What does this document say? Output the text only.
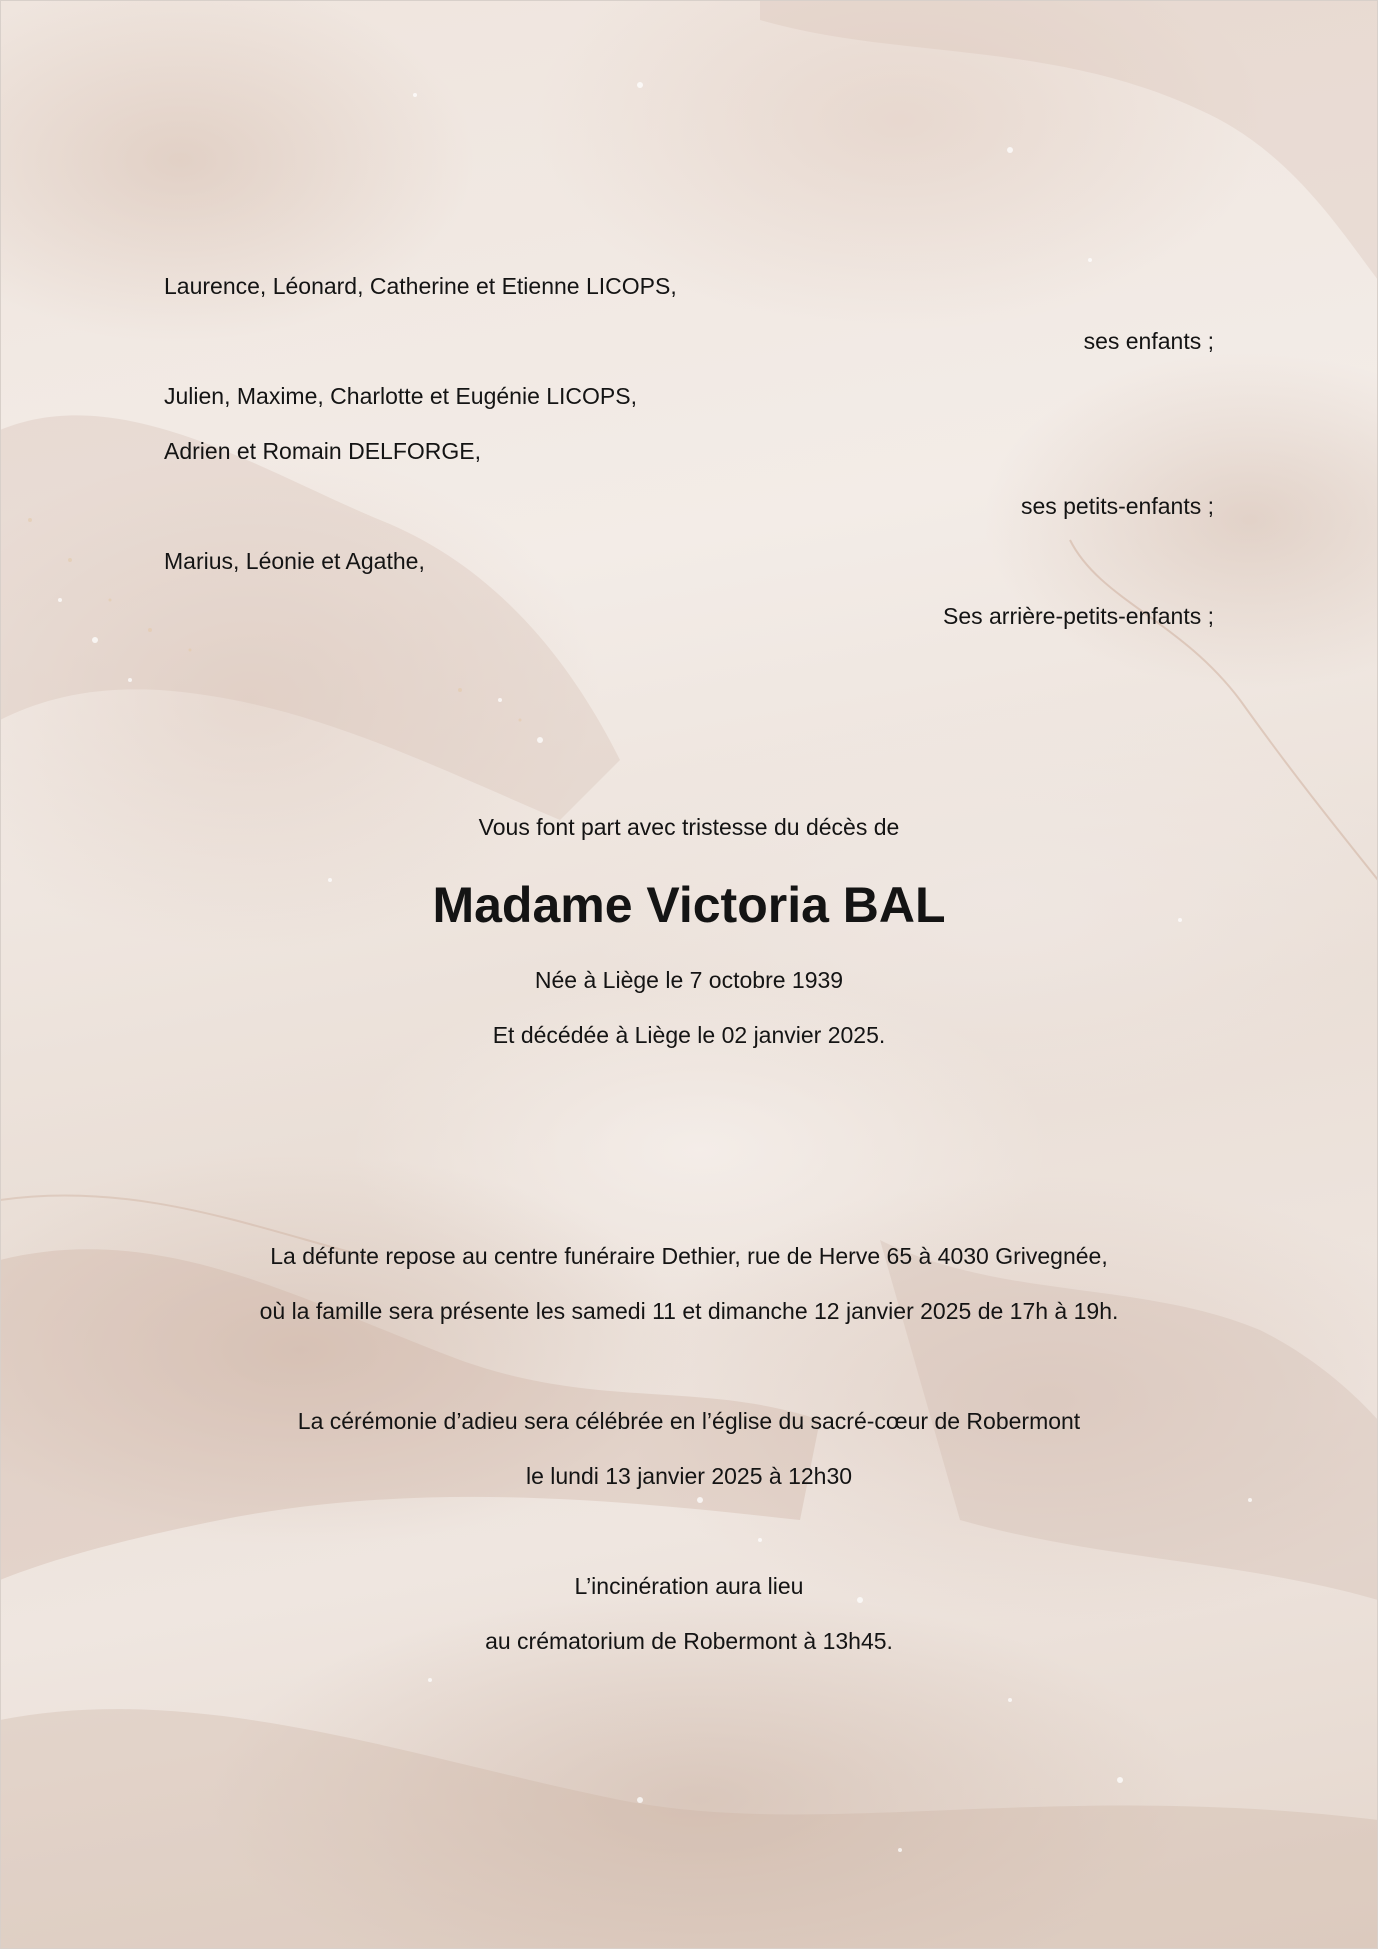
Laurence, Léonard, Catherine et Etienne LICOPS,
ses enfants ;
Julien, Maxime, Charlotte et Eugénie LICOPS,
Adrien et Romain DELFORGE,
ses petits-enfants ;
Marius, Léonie et Agathe,
Ses arrière-petits-enfants ;
Vous font part avec tristesse du décès de
Madame Victoria BAL
Née à Liège le 7 octobre 1939
Et décédée à Liège le 02 janvier 2025.
La défunte repose au centre funéraire Dethier, rue de Herve 65 à 4030 Grivegnée,
où la famille sera présente les samedi 11 et dimanche 12 janvier 2025 de 17h à 19h.
La cérémonie d’adieu sera célébrée en l’église du sacré-cœur de Robermont
le lundi 13 janvier 2025 à 12h30
L’incinération aura lieu
au crématorium de Robermont à 13h45.
